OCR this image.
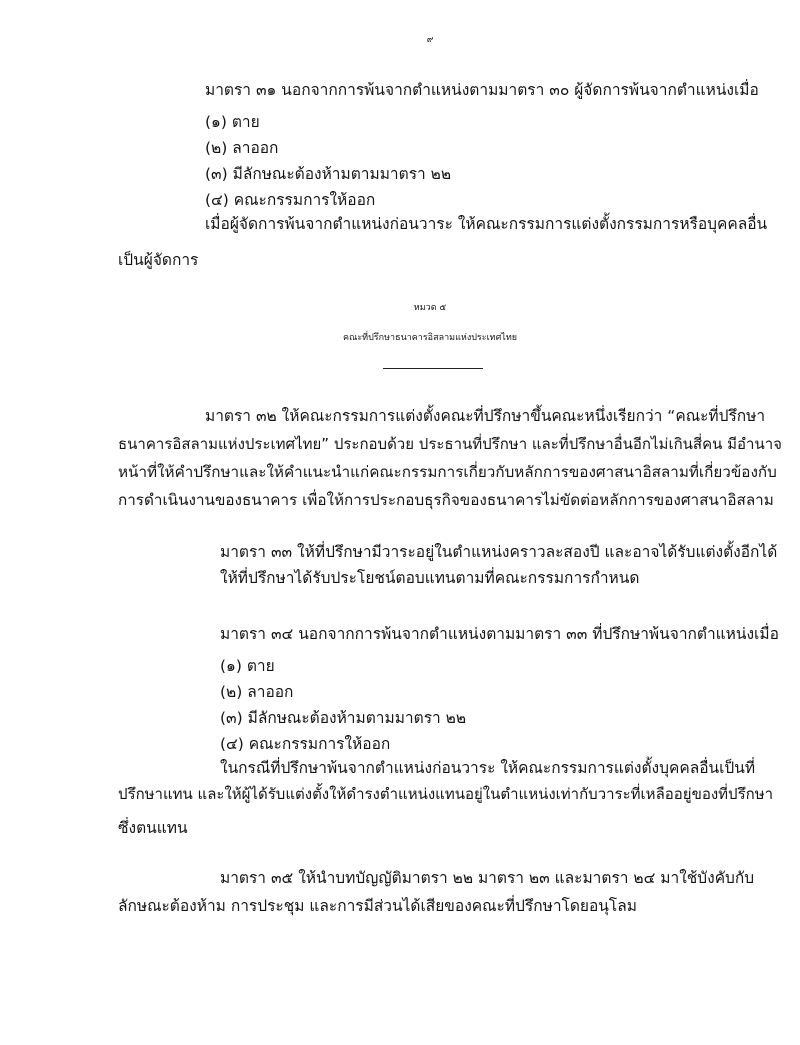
๙
มาตรา ๓๑ นอกจากการพ้นจากตำแหน่งตามมาตรา ๓๐ ผู้จัดการพ้นจากตำแหน่งเมื่อ
(๑) ตาย
(๒) ลาออก
(๓) มีลักษณะต้องห้ามตามมาตรา ๒๒
(๔) คณะกรรมการให้ออก
เมื่อผู้จัดการพ้นจากตำแหน่งก่อนวาระ ให้คณะกรรมการแต่งตั้งกรรมการหรือบุคคลอื่น
เป็นผู้จัดการ
หมวด ๕
คณะที่ปรึกษาธนาคารอิสลามแห่งประเทศไทย
มาตรา ๓๒ ให้คณะกรรมการแต่งตั้งคณะที่ปรึกษาขึ้นคณะหนึ่งเรียกว่า “คณะที่ปรึกษา
ธนาคารอิสลามแห่งประเทศไทย” ประกอบด้วย ประธานที่ปรึกษา และที่ปรึกษาอื่นอีกไม่เกินสี่คน มีอำนาจ
หน้าที่ให้คำปรึกษาและให้คำแนะนำแก่คณะกรรมการเกี่ยวกับหลักการของศาสนาอิสลามที่เกี่ยวข้องกับ
การดำเนินงานของธนาคาร เพื่อให้การประกอบธุรกิจของธนาคารไม่ขัดต่อหลักการของศาสนาอิสลาม
มาตรา ๓๓ ให้ที่ปรึกษามีวาระอยู่ในตำแหน่งคราวละสองปี และอาจได้รับแต่งตั้งอีกได้
ให้ที่ปรึกษาได้รับประโยชน์ตอบแทนตามที่คณะกรรมการกำหนด
มาตรา ๓๔ นอกจากการพ้นจากตำแหน่งตามมาตรา ๓๓ ที่ปรึกษาพ้นจากตำแหน่งเมื่อ
(๑) ตาย
(๒) ลาออก
(๓) มีลักษณะต้องห้ามตามมาตรา ๒๒
(๔) คณะกรรมการให้ออก
ในกรณีที่ปรึกษาพ้นจากตำแหน่งก่อนวาระ ให้คณะกรรมการแต่งตั้งบุคคลอื่นเป็นที่
ปรึกษาแทน และให้ผู้ได้รับแต่งตั้งให้ดำรงตำแหน่งแทนอยู่ในตำแหน่งเท่ากับวาระที่เหลืออยู่ของที่ปรึกษา
ซึ่งตนแทน
มาตรา ๓๕ ให้นำบทบัญญัติมาตรา ๒๒ มาตรา ๒๓ และมาตรา ๒๔ มาใช้บังคับกับ
ลักษณะต้องห้าม การประชุม และการมีส่วนได้เสียของคณะที่ปรึกษาโดยอนุโลม
